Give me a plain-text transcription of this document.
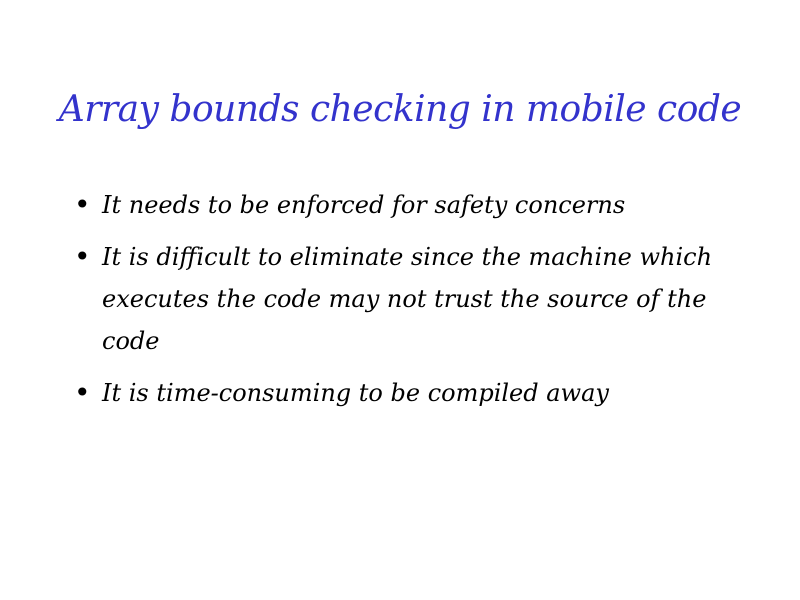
Array bounds checking in mobile code
• It needs to be enforced for safety concerns
• It is difficult to eliminate since the machine which executes the code may not trust the source of the code
• It is time-consuming to be compiled away
